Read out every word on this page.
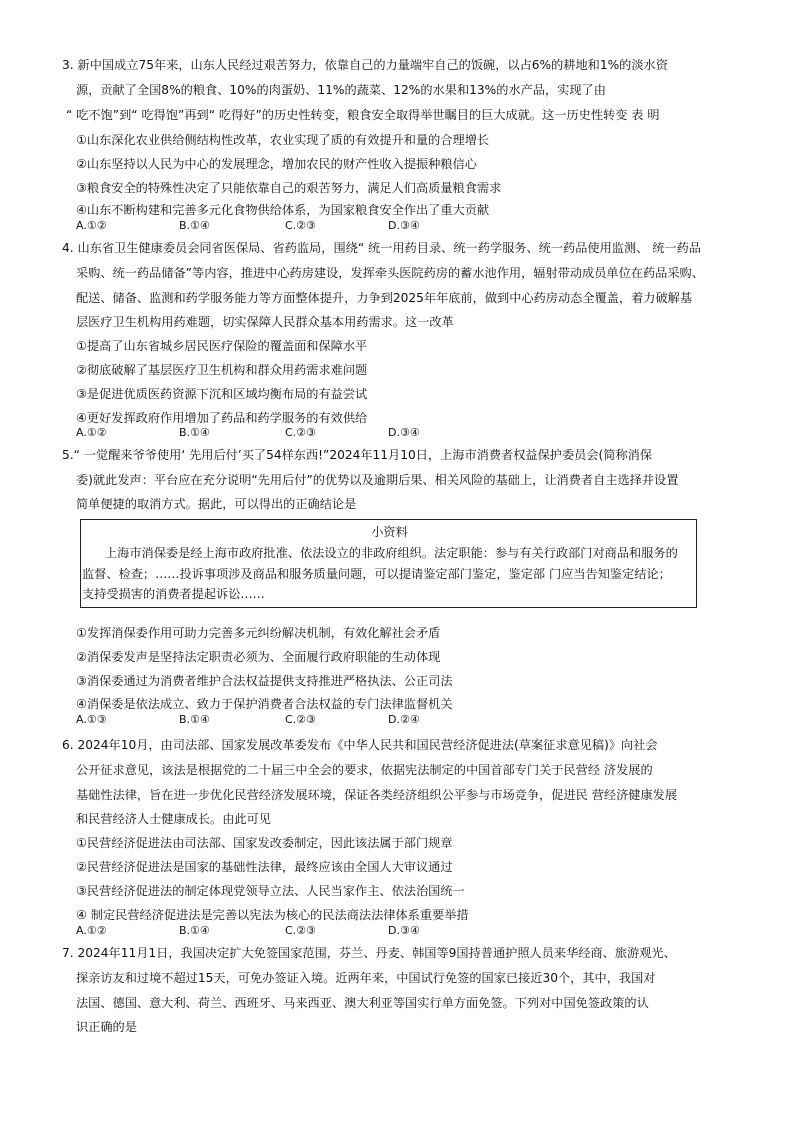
3. 新中国成立75年来，山东人民经过艰苦努力，依靠自己的力量端牢自己的饭碗，以占6%的耕地和1%的淡水资
源，贡献了全国8%的粮食、10%的肉蛋奶、11%的蔬菜、12%的水果和13%的水产品，实现了由
“ 吃不饱”到“ 吃得饱”再到“ 吃得好”的历史性转变，粮食安全取得举世瞩目的巨大成就。这一历史性转变 表 明
①山东深化农业供给侧结构性改革，农业实现了质的有效提升和量的合理增长
②山东坚持以人民为中心的发展理念，增加农民的财产性收入提振种粮信心
③粮食安全的特殊性决定了只能依靠自己的艰苦努力，满足人们高质量粮食需求
④山东不断构建和完善多元化食物供给体系，为国家粮食安全作出了重大贡献
A.①②	B.①④	C.②③	D.③④
4. 山东省卫生健康委员会同省医保局、省药监局，围绕“ 统一用药目录、统一药学服务、统一药品使用监测、 统一药品
采购、统一药品储备”等内容，推进中心药房建设，发挥牵头医院药房的蓄水池作用，辐射带动成员单位在药品采购、
配送、储备、监测和药学服务能力等方面整体提升，力争到2025年年底前，做到中心药房动态全覆盖，着力破解基
层医疗卫生机构用药难题，切实保障人民群众基本用药需求。这一改革
①提高了山东省城乡居民医疗保险的覆盖面和保障水平
②彻底破解了基层医疗卫生机构和群众用药需求难问题
③是促进优质医药资源下沉和区域均衡布局的有益尝试
④更好发挥政府作用增加了药品和药学服务的有效供给
A.①②	B.①④	C.②③	D.③④
5.“ 一觉醒来爷爷使用‘ 先用后付’买了54样东西!”2024年11月10日，上海市消费者权益保护委员会(简称消保
委)就此发声：平台应在充分说明“先用后付”的优势以及逾期后果、相关风险的基础上，让消费者自主选择并设置
简单便捷的取消方式。据此，可以得出的正确结论是
小资料
上海市消保委是经上海市政府批准、依法设立的非政府组织。法定职能：参与有关行政部门对商品和服务的
监督、检查；……投诉事项涉及商品和服务质量问题，可以提请鉴定部门鉴定，鉴定部 门应当告知鉴定结论；
支持受损害的消费者提起诉讼……
①发挥消保委作用可助力完善多元纠纷解决机制，有效化解社会矛盾
②消保委发声是坚持法定职责必须为、全面履行政府职能的生动体现
③消保委通过为消费者维护合法权益提供支持推进严格执法、公正司法
④消保委是依法成立、致力于保护消费者合法权益的专门法律监督机关
A.①③	B.①④	C.②③	D.②④
6. 2024年10月，由司法部、国家发展改革委发布《中华人民共和国民营经济促进法(草案征求意见稿)》向社会
公开征求意见，该法是根据党的二十届三中全会的要求，依据宪法制定的中国首部专门关于民营经 济发展的
基础性法律，旨在进一步优化民营经济发展环境，保证各类经济组织公平参与市场竞争，促进民 营经济健康发展
和民营经济人士健康成长。由此可见
①民营经济促进法由司法部、国家发改委制定，因此该法属于部门规章
②民营经济促进法是国家的基础性法律，最终应该由全国人大审议通过
③民营经济促进法的制定体现党领导立法、人民当家作主、依法治国统一
④ 制定民营经济促进法是完善以宪法为核心的民法商法法律体系重要举措
A.①②	B.①④	C.②③	D.③④
7. 2024年11月1日，我国决定扩大免签国家范围，芬兰、丹麦、韩国等9国持普通护照人员来华经商、旅游观光、
探亲访友和过境不超过15天，可免办签证入境。近两年来，中国试行免签的国家已接近30个，其中，我国对
法国、德国、意大利、荷兰、西班牙、马来西亚、澳大利亚等国实行单方面免签。下列对中国免签政策的认
识正确的是
